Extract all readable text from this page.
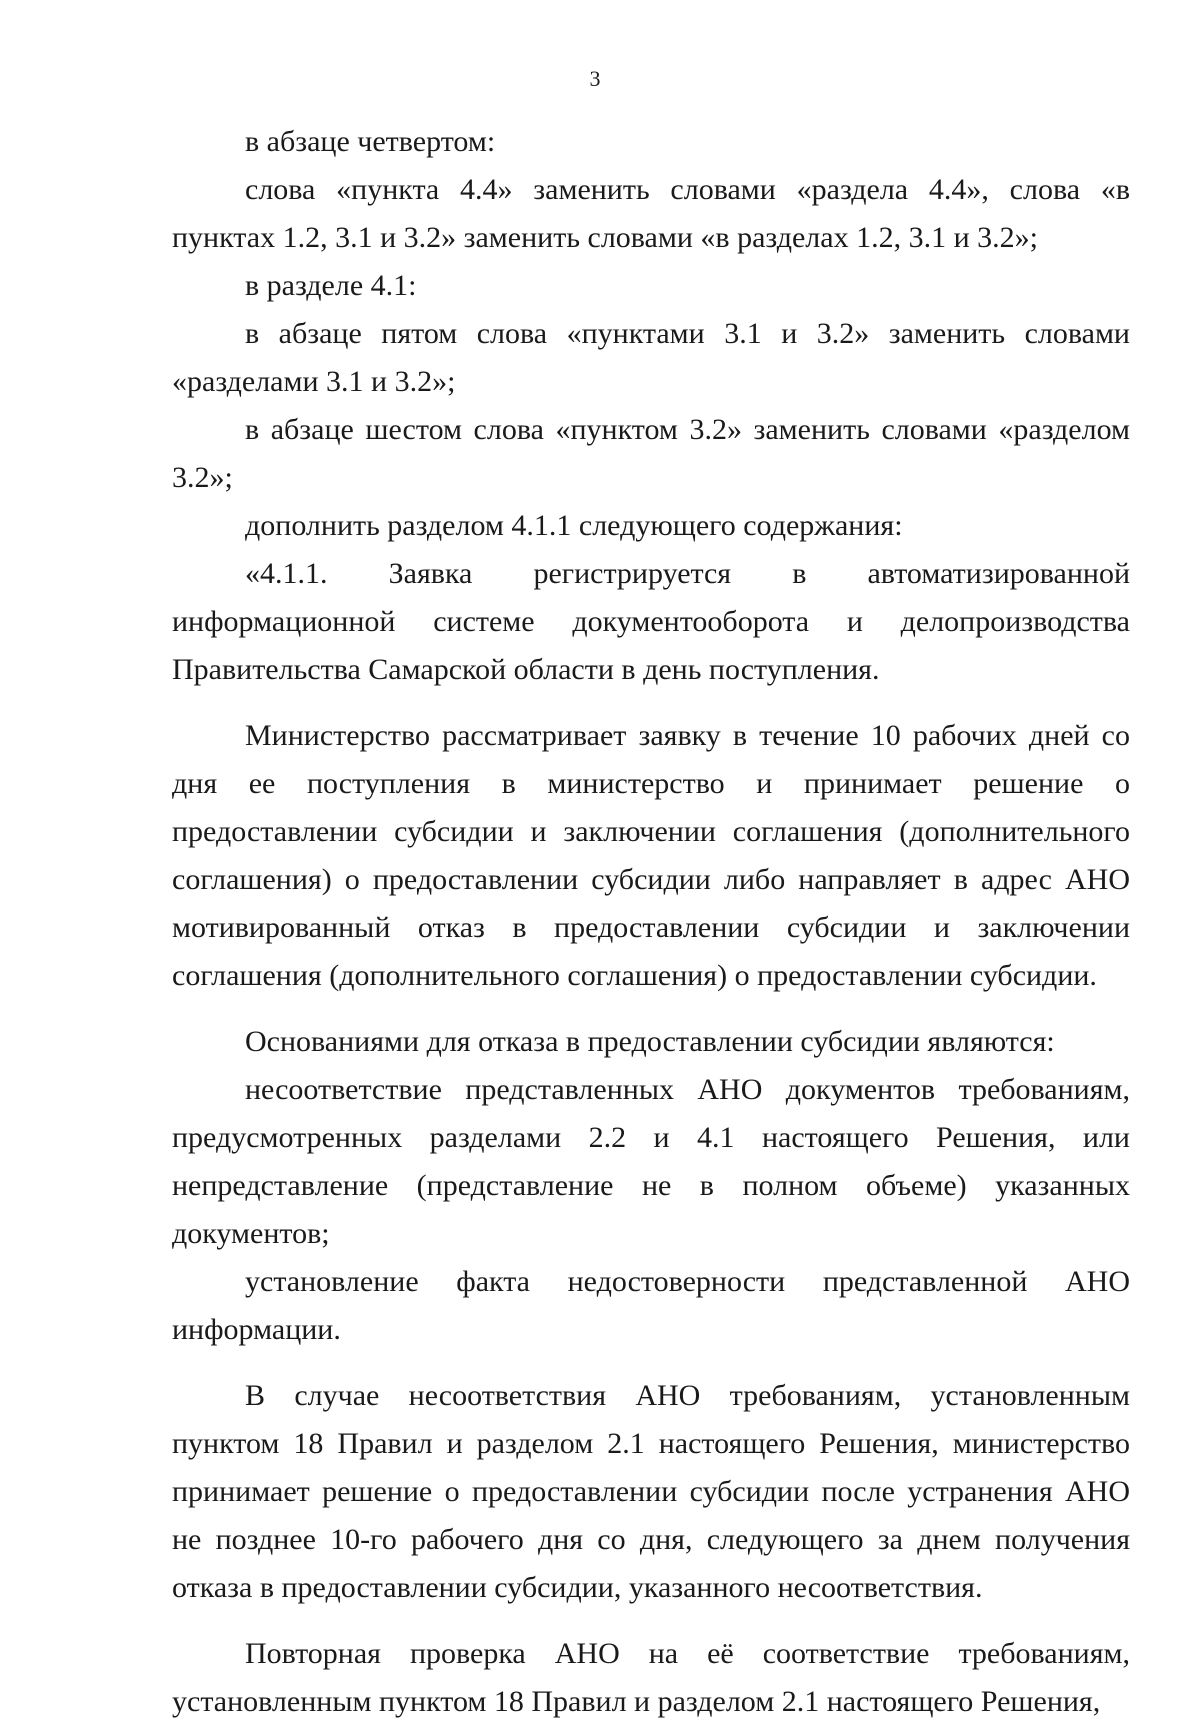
3

в абзаце четвертом:

слова «пункта 4.4» заменить словами «раздела 4.4», слова «в пунктах 1.2, 3.1 и 3.2» заменить словами «в разделах 1.2, 3.1 и 3.2»;

в разделе 4.1:

в абзаце пятом слова «пунктами 3.1 и 3.2» заменить словами «разделами 3.1 и 3.2»;

в абзаце шестом слова «пунктом 3.2» заменить словами «разделом 3.2»;

дополнить разделом 4.1.1 следующего содержания:

«4.1.1. Заявка регистрируется в автоматизированной информационной системе документооборота и делопроизводства Правительства Самарской области в день поступления.

Министерство рассматривает заявку в течение 10 рабочих дней со дня ее поступления в министерство и принимает решение о предоставлении субсидии и заключении соглашения (дополнительного соглашения) о предоставлении субсидии либо направляет в адрес АНО мотивированный отказ в предоставлении субсидии и заключении соглашения (дополнительного соглашения) о предоставлении субсидии.

Основаниями для отказа в предоставлении субсидии являются:

несоответствие представленных АНО документов требованиям, предусмотренных разделами 2.2 и 4.1 настоящего Решения, или непредставление (представление не в полном объеме) указанных документов;

установление факта недостоверности представленной АНО информации.

В случае несоответствия АНО требованиям, установленным пунктом 18 Правил и разделом 2.1 настоящего Решения, министерство принимает решение о предоставлении субсидии после устранения АНО не позднее 10-го рабочего дня со дня, следующего за днем получения отказа в предоставлении субсидии, указанного несоответствия.

Повторная проверка АНО на её соответствие требованиям, установленным пунктом 18 Правил и разделом 2.1 настоящего Решения,
